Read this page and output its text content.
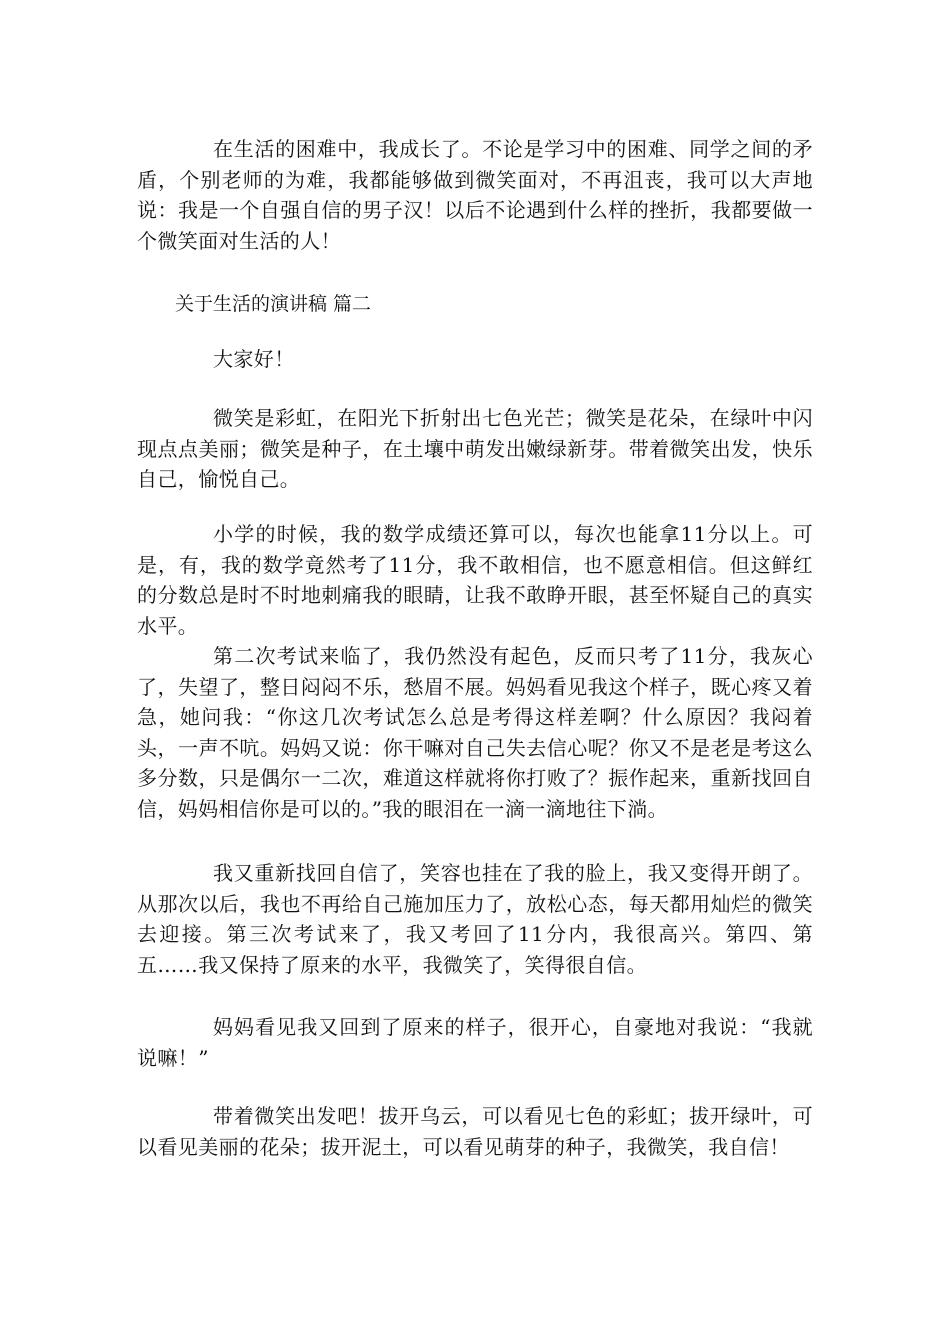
在生活的困难中，我成长了。不论是学习中的困难、同学之间的矛盾，个别老师的为难，我都能够做到微笑面对，不再沮丧，我可以大声地说：我是一个自强自信的男子汉！以后不论遇到什么样的挫折，我都要做一个微笑面对生活的人！

关于生活的演讲稿 篇二

大家好！

微笑是彩虹，在阳光下折射出七色光芒；微笑是花朵，在绿叶中闪现点点美丽；微笑是种子，在土壤中萌发出嫩绿新芽。带着微笑出发，快乐自己，愉悦自己。

小学的时候，我的数学成绩还算可以，每次也能拿11分以上。可是，有，我的数学竟然考了11分，我不敢相信，也不愿意相信。但这鲜红的分数总是时不时地刺痛我的眼睛，让我不敢睁开眼，甚至怀疑自己的真实水平。

第二次考试来临了，我仍然没有起色，反而只考了11分，我灰心了，失望了，整日闷闷不乐，愁眉不展。妈妈看见我这个样子，既心疼又着急，她问我：“你这几次考试怎么总是考得这样差啊？什么原因？我闷着头，一声不吭。妈妈又说：你干嘛对自己失去信心呢？你又不是老是考这么多分数，只是偶尔一二次，难道这样就将你打败了？振作起来，重新找回自信，妈妈相信你是可以的。”我的眼泪在一滴一滴地往下淌。

我又重新找回自信了，笑容也挂在了我的脸上，我又变得开朗了。从那次以后，我也不再给自己施加压力了，放松心态，每天都用灿烂的微笑去迎接。第三次考试来了，我又考回了11分内，我很高兴。第四、第五……我又保持了原来的水平，我微笑了，笑得很自信。

妈妈看见我又回到了原来的样子，很开心，自豪地对我说：“我就说嘛！”

带着微笑出发吧！拔开乌云，可以看见七色的彩虹；拔开绿叶，可以看见美丽的花朵；拔开泥土，可以看见萌芽的种子，我微笑，我自信！
